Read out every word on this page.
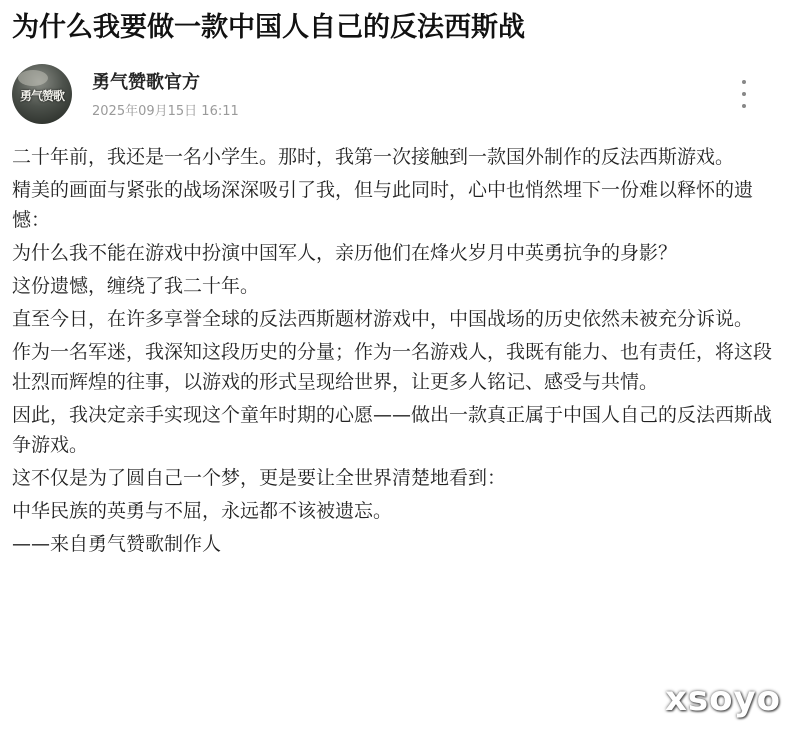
为什么我要做一款中国人自己的反法西斯战
勇气赞歌
勇气赞歌官方
2025年09月15日 16:11

二十年前，我还是一名小学生。那时，我第一次接触到一款国外制作的反法西斯游戏。

精美的画面与紧张的战场深深吸引了我，但与此同时，心中也悄然埋下一份难以释怀的遗憾：

为什么我不能在游戏中扮演中国军人，亲历他们在烽火岁月中英勇抗争的身影？

这份遗憾，缠绕了我二十年。

直至今日，在许多享誉全球的反法西斯题材游戏中，中国战场的历史依然未被充分诉说。

作为一名军迷，我深知这段历史的分量；作为一名游戏人，我既有能力、也有责任，将这段壮烈而辉煌的往事，以游戏的形式呈现给世界，让更多人铭记、感受与共情。

因此，我决定亲手实现这个童年时期的心愿——做出一款真正属于中国人自己的反法西斯战争游戏。

这不仅是为了圆自己一个梦，更是要让全世界清楚地看到：

中华民族的英勇与不屈，永远都不该被遗忘。

——来自勇气赞歌制作人

xsoyo
